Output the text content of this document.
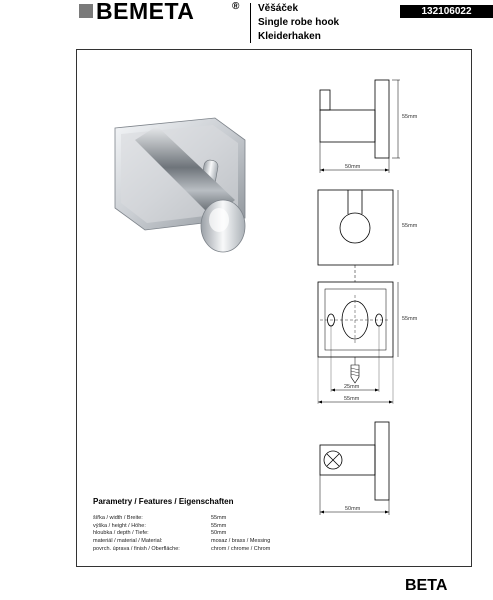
BEMETA	® Věšáček
Single robe hook
Kleiderhaken
132106022
50mm
55mm
55mm
55mm
25mm
55mm
50mm
Parametry / Features / Eigenschaften
šířka / width / Breite:	55mm
výška / height / Höhe:	55mm
hloubka / depth / Tiefe:	50mm
materiál / material / Material:	mosaz / brass / Messing
povrch. úprava / finish / Oberfläche:	chrom / chrome / Chrom
BETA
